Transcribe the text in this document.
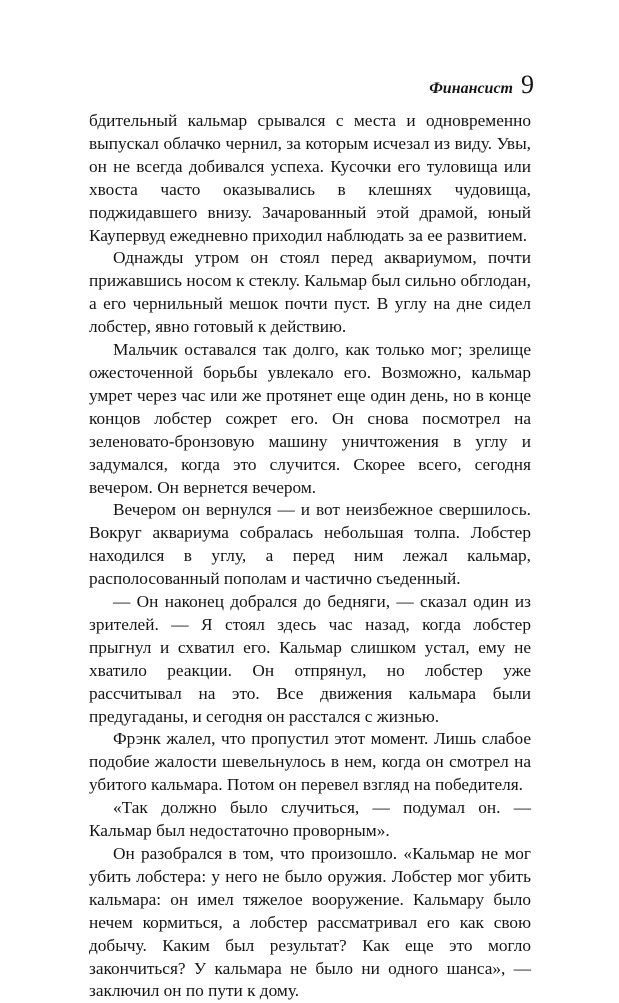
Финансист 9

бдительный кальмар срывался с места и одновременно выпускал облачко чернил, за которым исчезал из виду. Увы, он не всегда добивался успеха. Кусочки его туловища или хвоста часто оказывались в клешнях чудовища, поджидавшего внизу. Зачарованный этой драмой, юный Каупервуд ежедневно приходил наблюдать за ее развитием.

Однажды утром он стоял перед аквариумом, почти прижавшись носом к стеклу. Кальмар был сильно обглодан, а его чернильный мешок почти пуст. В углу на дне сидел лобстер, явно готовый к действию.

Мальчик оставался так долго, как только мог; зрелище ожесточенной борьбы увлекало его. Возможно, кальмар умрет через час или же протянет еще один день, но в конце концов лобстер сожрет его. Он снова посмотрел на зеленовато-бронзовую машину уничтожения в углу и задумался, когда это случится. Скорее всего, сегодня вечером. Он вернется вечером.

Вечером он вернулся — и вот неизбежное свершилось. Вокруг аквариума собралась небольшая толпа. Лобстер находился в углу, а перед ним лежал кальмар, располосованный пополам и частично съеденный.

— Он наконец добрался до бедняги, — сказал один из зрителей. — Я стоял здесь час назад, когда лобстер прыгнул и схватил его. Кальмар слишком устал, ему не хватило реакции. Он отпрянул, но лобстер уже рассчитывал на это. Все движения кальмара были предугаданы, и сегодня он расстался с жизнью.

Фрэнк жалел, что пропустил этот момент. Лишь слабое подобие жалости шевельнулось в нем, когда он смотрел на убитого кальмара. Потом он перевел взгляд на победителя.

«Так должно было случиться, — подумал он. — Кальмар был недостаточно проворным».

Он разобрался в том, что произошло. «Кальмар не мог убить лобстера: у него не было оружия. Лобстер мог убить кальмара: он имел тяжелое вооружение. Кальмару было нечем кормиться, а лобстер рассматривал его как свою добычу. Каким был результат? Как еще это могло закончиться? У кальмара не было ни одного шанса», — заключил он по пути к дому.
